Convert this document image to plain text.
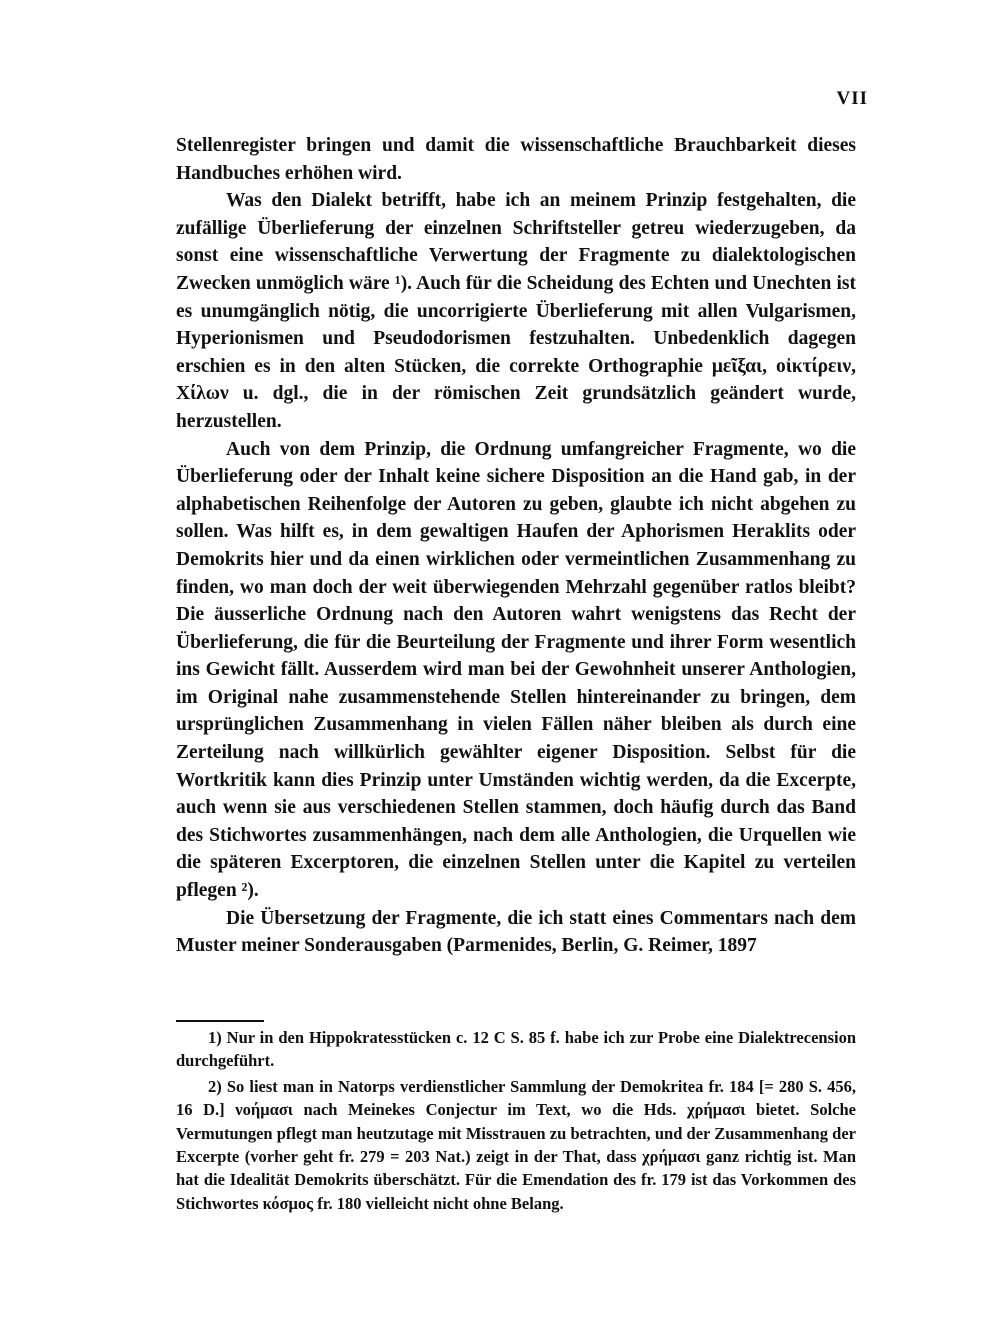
VII

Stellenregister bringen und damit die wissenschaftliche Brauchbarkeit dieses Handbuches erhöhen wird.

Was den Dialekt betrifft, habe ich an meinem Prinzip festgehalten, die zufällige Überlieferung der einzelnen Schriftsteller getreu wiederzugeben, da sonst eine wissenschaftliche Verwertung der Fragmente zu dialektologischen Zwecken unmöglich wäre ¹). Auch für die Scheidung des Echten und Unechten ist es unumgänglich nötig, die uncorrigierte Überlieferung mit allen Vulgarismen, Hyperionismen und Pseudodorismen festzuhalten. Unbedenklich dagegen erschien es in den alten Stücken, die correkte Orthographie μεῖξαι, οἰκτίρειν, Χίλων u. dgl., die in der römischen Zeit grundsätzlich geändert wurde, herzustellen.

Auch von dem Prinzip, die Ordnung umfangreicher Fragmente, wo die Überlieferung oder der Inhalt keine sichere Disposition an die Hand gab, in der alphabetischen Reihenfolge der Autoren zu geben, glaubte ich nicht abgehen zu sollen. Was hilft es, in dem gewaltigen Haufen der Aphorismen Heraklits oder Demokrits hier und da einen wirklichen oder vermeintlichen Zusammenhang zu finden, wo man doch der weit überwiegenden Mehrzahl gegenüber ratlos bleibt? Die äusserliche Ordnung nach den Autoren wahrt wenigstens das Recht der Überlieferung, die für die Beurteilung der Fragmente und ihrer Form wesentlich ins Gewicht fällt. Ausserdem wird man bei der Gewohnheit unserer Anthologien, im Original nahe zusammenstehende Stellen hintereinander zu bringen, dem ursprünglichen Zusammenhang in vielen Fällen näher bleiben als durch eine Zerteilung nach willkürlich gewählter eigener Disposition. Selbst für die Wortkritik kann dies Prinzip unter Umständen wichtig werden, da die Excerpte, auch wenn sie aus verschiedenen Stellen stammen, doch häufig durch das Band des Stichwortes zusammenhängen, nach dem alle Anthologien, die Urquellen wie die späteren Excerptoren, die einzelnen Stellen unter die Kapitel zu verteilen pflegen ²).

Die Übersetzung der Fragmente, die ich statt eines Commentars nach dem Muster meiner Sonderausgaben (Parmenides, Berlin, G. Reimer, 1897

1) Nur in den Hippokratesstücken c. 12 C S. 85 f. habe ich zur Probe eine Dialektrecension durchgeführt.

2) So liest man in Natorps verdienstlicher Sammlung der Demokritea fr. 184 [= 280 S. 456, 16 D.] νοήμασι nach Meinekes Conjectur im Text, wo die Hds. χρήμασι bietet. Solche Vermutungen pflegt man heutzutage mit Misstrauen zu betrachten, und der Zusammenhang der Excerpte (vorher geht fr. 279 = 203 Nat.) zeigt in der That, dass χρήμασι ganz richtig ist. Man hat die Idealität Demokrits überschätzt. Für die Emendation des fr. 179 ist das Vorkommen des Stichwortes κόσμος fr. 180 vielleicht nicht ohne Belang.
